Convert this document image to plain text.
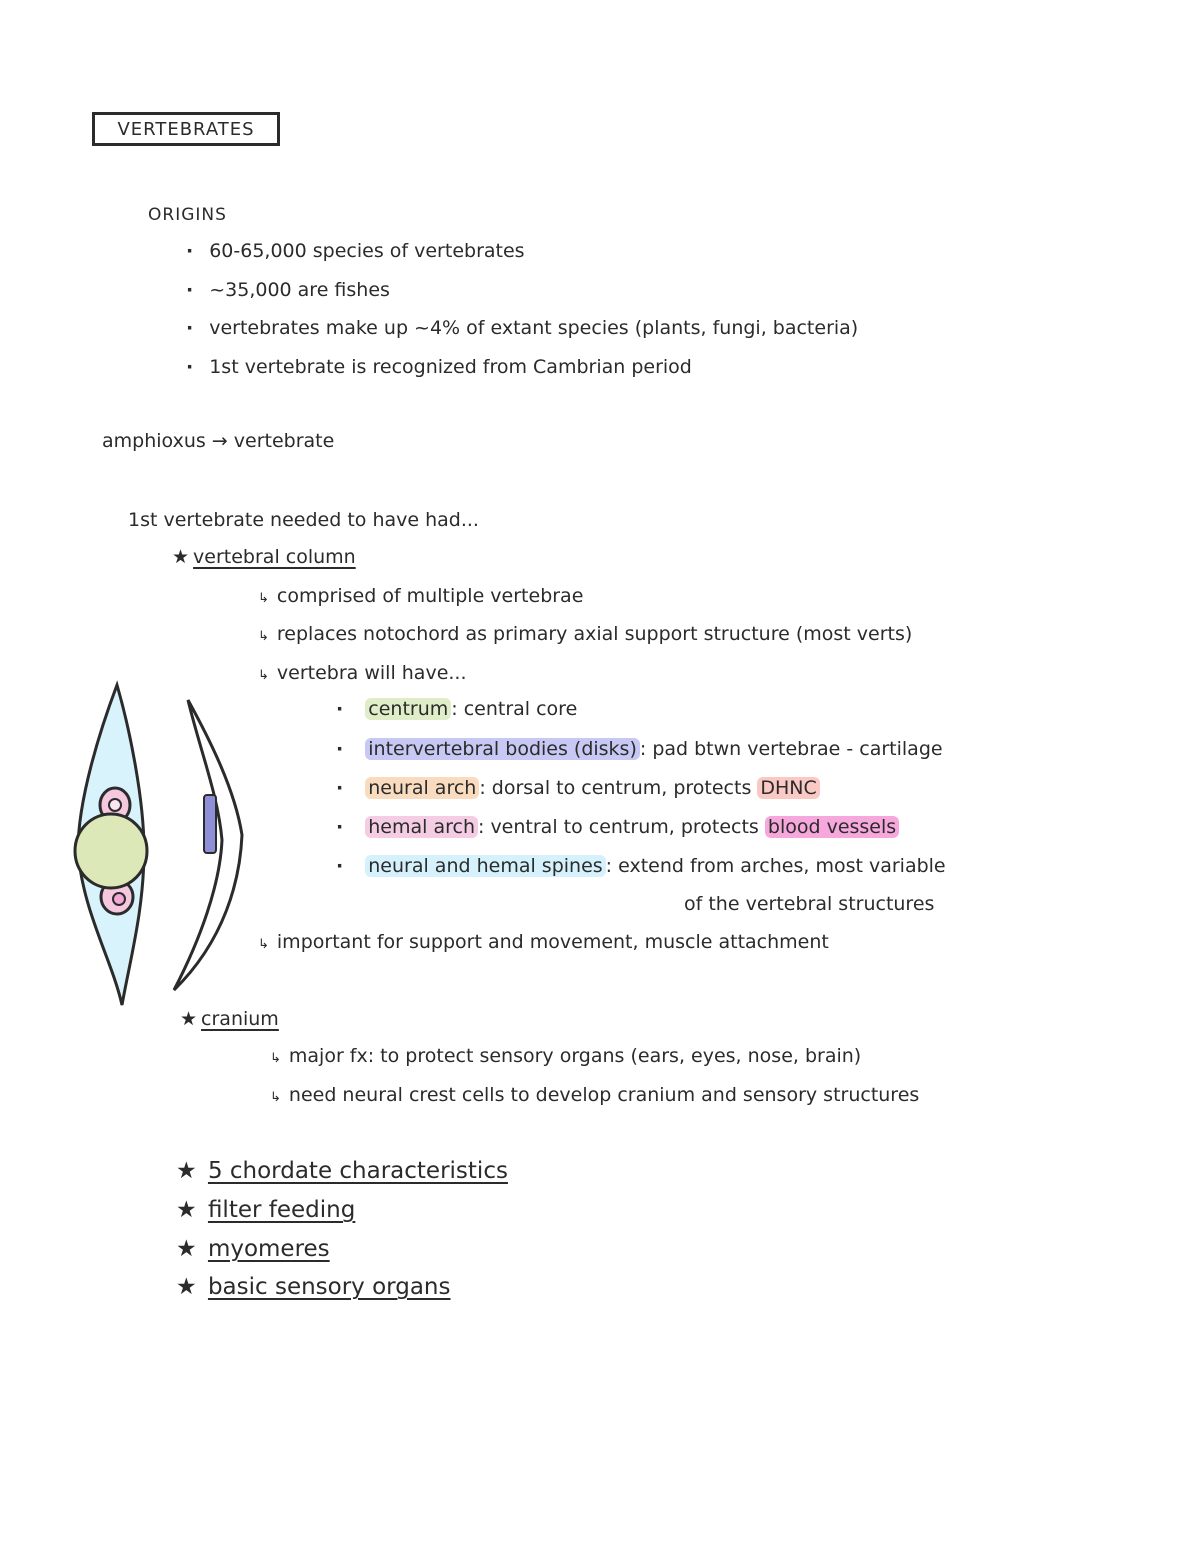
VERTEBRATES
ORIGINS
· 60-65,000 species of vertebrates
· ~35,000 are fishes
· vertebrates make up ~4% of extant species (plants, fungi, bacteria)
· 1st vertebrate is recognized from Cambrian period
amphioxus → vertebrate
1st vertebrate needed to have had...
★ vertebral column
↳ comprised of multiple vertebrae
↳ replaces notochord as primary axial support structure (most verts)
↳ vertebra will have...
· centrum : central core
· intervertebral bodies (disks) : pad btwn vertebrae - cartilage
· neural arch : dorsal to centrum, protects DHNC
· hemal arch : ventral to centrum, protects blood vessels
· neural and hemal spines : extend from arches, most variable
of the vertebral structures
↳ important for support and movement, muscle attachment
★ cranium
↳ major fx: to protect sensory organs (ears, eyes, nose, brain)
↳ need neural crest cells to develop cranium and sensory structures
★ 5 chordate characteristics
★ filter feeding
★ myomeres
★ basic sensory organs
